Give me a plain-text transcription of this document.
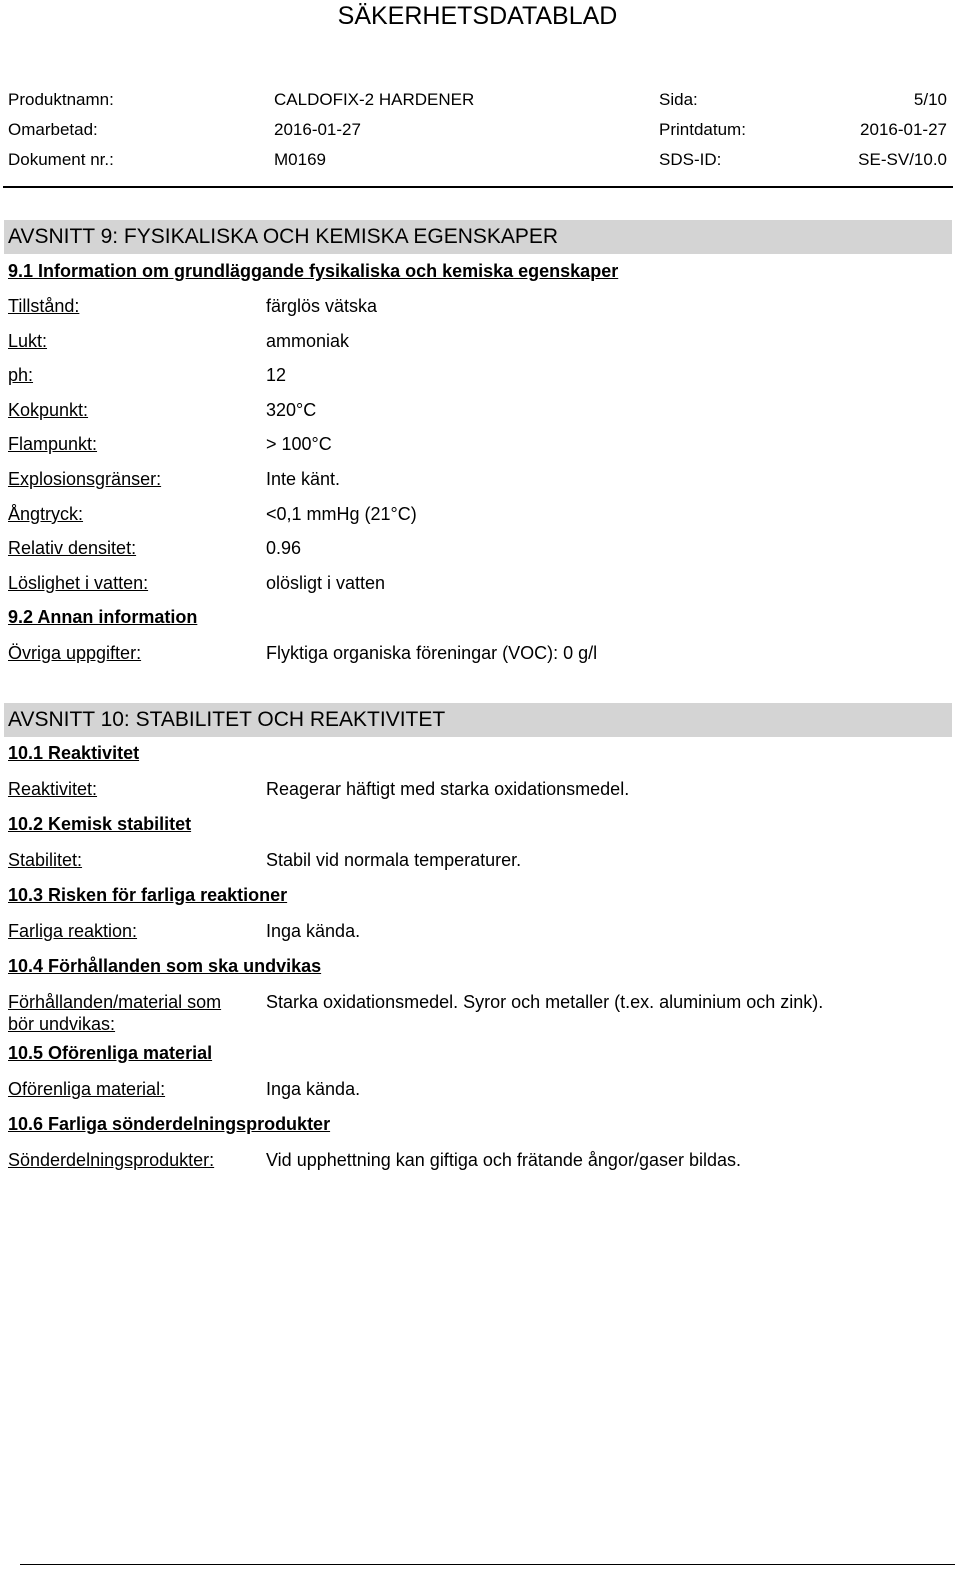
SÄKERHETSDATABLAD
Produktnamn:	CALDOFIX-2 HARDENER	Sida:	5/10
Omarbetad:	2016-01-27	Printdatum:	2016-01-27
Dokument nr.:	M0169	SDS-ID:	SE-SV/10.0
AVSNITT 9: FYSIKALISKA OCH KEMISKA EGENSKAPER
9.1 Information om grundläggande fysikaliska och kemiska egenskaper
Tillstånd:	färglös vätska
Lukt:	ammoniak
ph:	12
Kokpunkt:	320°C
Flampunkt:	> 100°C
Explosionsgränser:	Inte känt.
Ångtryck:	<0,1 mmHg (21°C)
Relativ densitet:	0.96
Löslighet i vatten:	olösligt i vatten
9.2 Annan information
Övriga uppgifter:	Flyktiga organiska föreningar (VOC): 0 g/l
AVSNITT 10: STABILITET OCH REAKTIVITET
10.1 Reaktivitet
Reaktivitet:	Reagerar häftigt med starka oxidationsmedel.
10.2 Kemisk stabilitet
Stabilitet:	Stabil vid normala temperaturer.
10.3 Risken för farliga reaktioner
Farliga reaktion:	Inga kända.
10.4 Förhållanden som ska undvikas
Förhållanden/material som
bör undvikas:
Starka oxidationsmedel. Syror och metaller (t.ex. aluminium och zink).
10.5 Oförenliga material
Oförenliga material:	Inga kända.
10.6 Farliga sönderdelningsprodukter
Sönderdelningsprodukter:	Vid upphettning kan giftiga och frätande ångor/gaser bildas.
